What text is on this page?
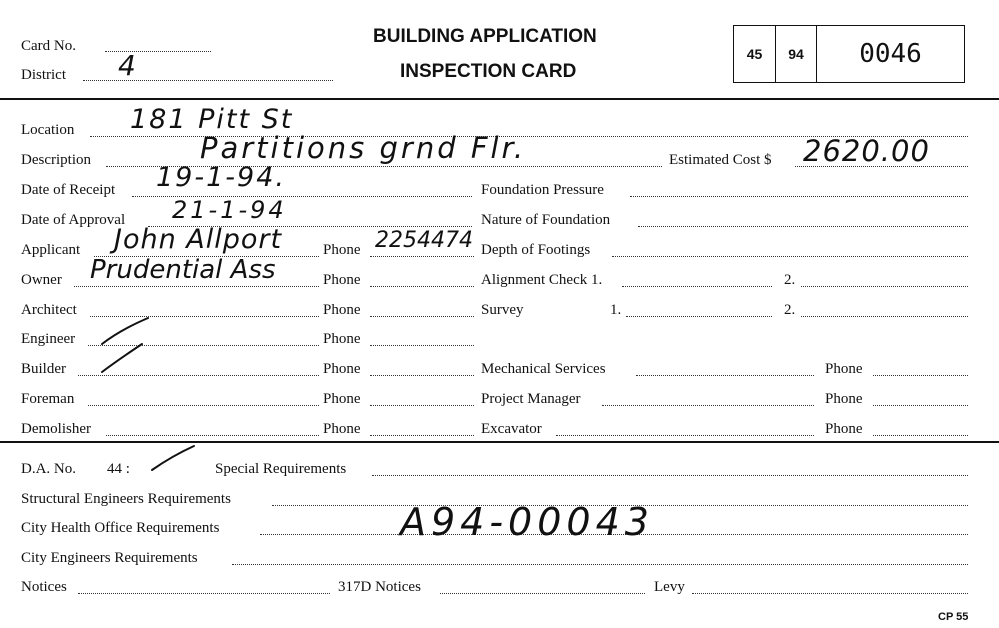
Card No.
District 4
BUILDING APPLICATION
INSPECTION CARD
45	94	0046
Location 181 Pitt St
Description	Partitions grnd Flr.	Estimated Cost $ 2620.00
Date of Receipt 19-1-94.	Foundation Pressure
Date of Approval 21-1-94	Nature of Foundation
Applicant John Allport	Phone 2254474 Depth of Footings
Owner Prudential Ass	Phone	Alignment Check 1.	2.
Architect	Phone	Survey	1.	2.
Engineer	Phone
Builder	Phone	Mechanical Services	Phone
Foreman	Phone	Project Manager	Phone
Demolisher	Phone	Excavator	Phone
D.A. No. 44 :	Special Requirements
Structural Engineers Requirements
City Health Office Requirements	A94-00043
City Engineers Requirements
Notices	317D Notices	Levy
CP 55
